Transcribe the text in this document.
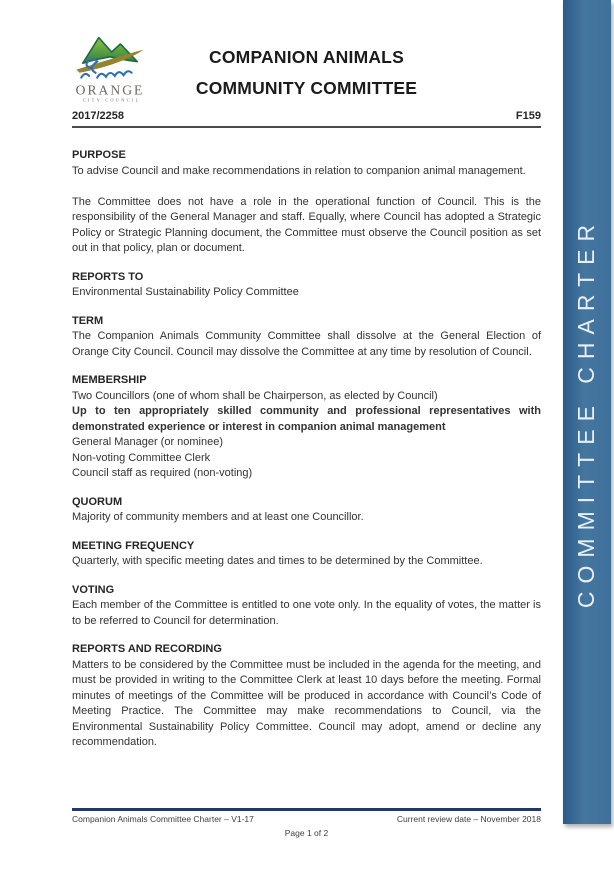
COMMITTEE CHARTER
ORANGE
CITY COUNCIL
COMPANION ANIMALS
COMMUNITY COMMITTEE
2017/2258	F159
PURPOSE

To advise Council and make recommendations in relation to companion animal management.

The Committee does not have a role in the operational function of Council. This is the responsibility of the General Manager and staff. Equally, where Council has adopted a Strategic Policy or Strategic Planning document, the Committee must observe the Council position as set out in that policy, plan or document.

REPORTS TO

Environmental Sustainability Policy Committee

TERM

The Companion Animals Community Committee shall dissolve at the General Election of Orange City Council. Council may dissolve the Committee at any time by resolution of Council.

MEMBERSHIP

Two Councillors (one of whom shall be Chairperson, as elected by Council)

Up to ten appropriately skilled community and professional representatives with demonstrated experience or interest in companion animal management

General Manager (or nominee)

Non-voting Committee Clerk

Council staff as required (non-voting)

QUORUM

Majority of community members and at least one Councillor.

MEETING FREQUENCY

Quarterly, with specific meeting dates and times to be determined by the Committee.

VOTING

Each member of the Committee is entitled to one vote only. In the equality of votes, the matter is to be referred to Council for determination.

REPORTS AND RECORDING

Matters to be considered by the Committee must be included in the agenda for the meeting, and must be provided in writing to the Committee Clerk at least 10 days before the meeting. Formal minutes of meetings of the Committee will be produced in accordance with Council’s Code of Meeting Practice. The Committee may make recommendations to Council, via the Environmental Sustainability Policy Committee. Council may adopt, amend or decline any recommendation.

Companion Animals Committee Charter – V1-17	Current review date – November 2018
Page 1 of 2
